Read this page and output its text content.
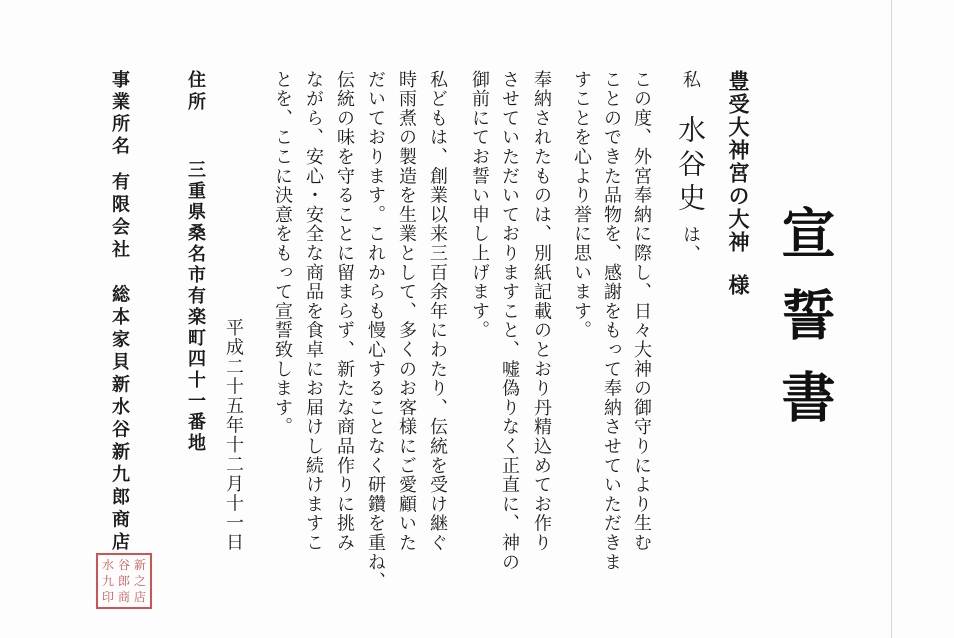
宣誓書
豊受大神宮の大神様
私水谷史は、
この度、外宮奉納に際し、日々大神の御守りにより生む
ことのできた品物を、感謝をもって奉納させていただきま
すことを心より誉に思います。
奉納されたものは、別紙記載のとおり丹精込めてお作り
させていただいておりますこと、嘘偽りなく正直に、神の
御前にてお誓い申し上げます。
私どもは、創業以来三百余年にわたり、伝統を受け継ぐ
時雨煮の製造を生業として、多くのお客様にご愛顧いた
だいております。これからも慢心することなく研鑽を重ね、
伝統の味を守ることに留まらず、新たな商品作りに挑み
ながら、安心・安全な商品を食卓にお届けし続けますこ
とを、ここに決意をもって宣誓致します。
平成二十五年十二月十一日
住所
三重県桑名市有楽町四十一番地
事業所名
有限会社　総本家貝新水谷新九郎商店
水 谷 新
九 郎 之
印 商 店
